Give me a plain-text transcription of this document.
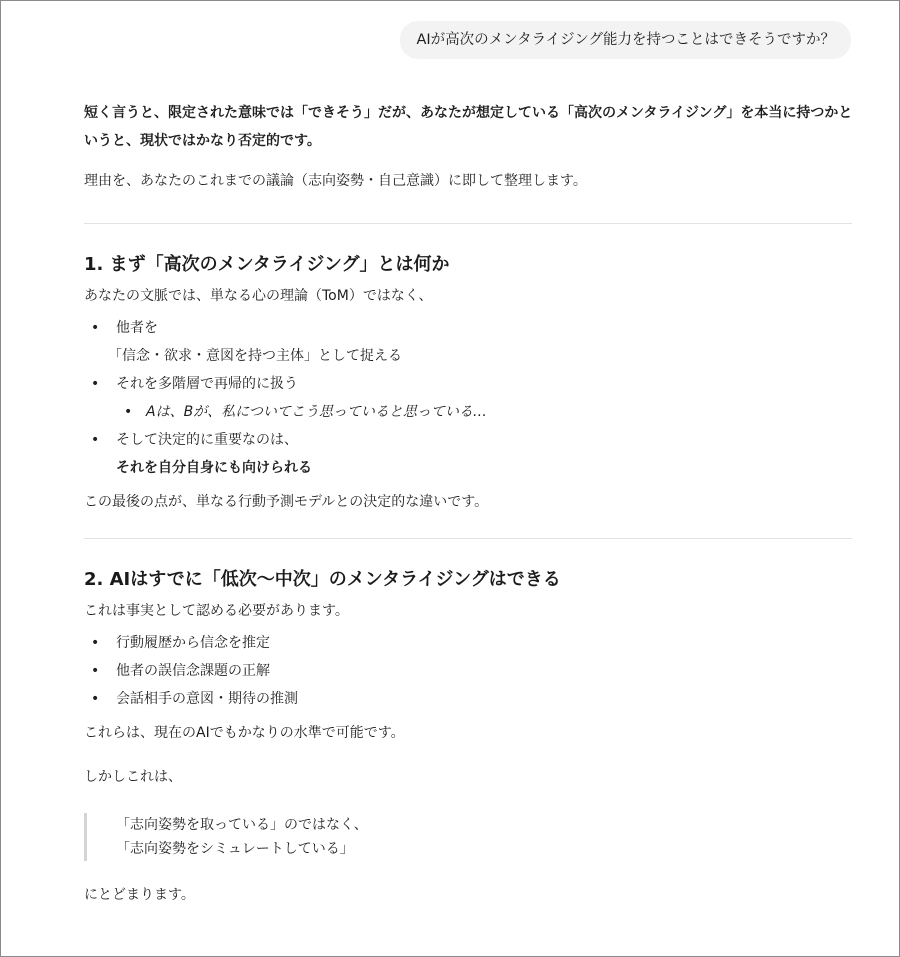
AIが高次のメンタライジング能力を持つことはできそうですか？

短く言うと、限定された意味では「できそう」だが、あなたが想定している「高次のメンタライジング」を本当に持つかというと、現状ではかなり否定的です。

理由を、あなたのこれまでの議論（志向姿勢・自己意識）に即して整理します。

1. まず「高次のメンタライジング」とは何か

あなたの文脈では、単なる心の理論（ToM）ではなく、

• 他者を
「信念・欲求・意図を持つ主体」として捉える
• それを多階層で再帰的に扱う
• Aは、Bが、私についてこう思っていると思っている…
• そして決定的に重要なのは、
それを自分自身にも向けられる

この最後の点が、単なる行動予測モデルとの決定的な違いです。

2. AIはすでに「低次〜中次」のメンタライジングはできる

これは事実として認める必要があります。

• 行動履歴から信念を推定
• 他者の誤信念課題の正解
• 会話相手の意図・期待の推測

これらは、現在のAIでもかなりの水準で可能です。

しかしこれは、

「志向姿勢を取っている」のではなく、
「志向姿勢をシミュレートしている」

にとどまります。
